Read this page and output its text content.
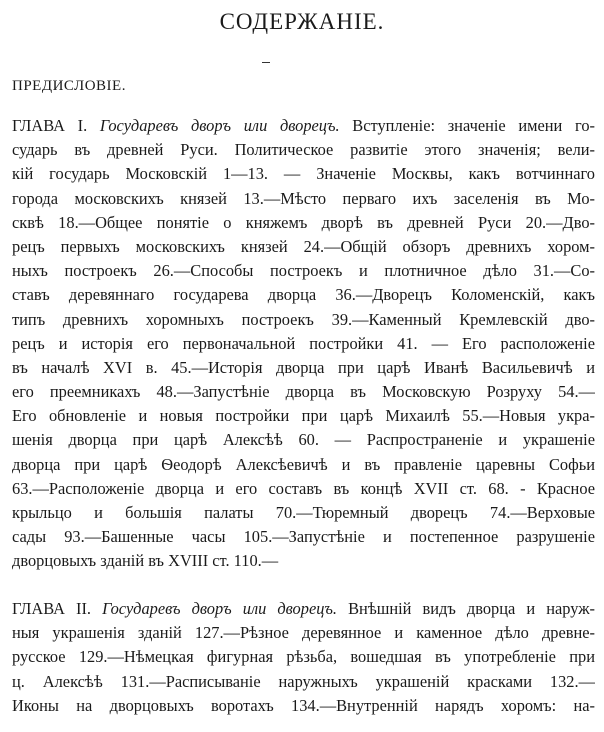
СОДЕРЖАНІЕ.
ПРЕДИСЛОВІЕ.
ГЛАВА I. Государевъ дворъ или дворецъ. Вступленіе: значеніе имени го-
сударь въ древней Руси. Политическое развитіе этого значенія; вели-
кій государь Московскій 1—13. — Значеніе Москвы, какъ вотчиннаго
города московскихъ князей 13.—Мѣсто перваго ихъ заселенія въ Мо-
сквѣ 18.—Общее понятіе о княжемъ дворѣ въ древней Руси 20.—Дво-
рецъ первыхъ московскихъ князей 24.—Общій обзоръ древнихъ хором-
ныхъ построекъ 26.—Способы построекъ и плотничное дѣло 31.—Со-
ставъ деревяннаго государева дворца 36.—Дворецъ Коломенскій, какъ
типъ древнихъ хоромныхъ построекъ 39.—Каменный Кремлевскій дво-
рецъ и исторія его первоначальной постройки 41. — Его расположеніе
въ началѣ XVI в. 45.—Исторія дворца при царѣ Иванѣ Васильевичѣ и
его преемникахъ 48.—Запустѣніе дворца въ Московскую Розруху 54.—
Его обновленіе и новыя постройки при царѣ Михаилѣ 55.—Новыя укра-
шенія дворца при царѣ Алексѣѣ 60. — Распространеніе и украшеніе
дворца при царѣ Ѳеодорѣ Алексѣевичѣ и въ правленіе царевны Софьи
63.—Расположеніе дворца и его составъ въ концѣ XVII ст. 68. - Красное
крыльцо и большія палаты 70.—Тюремный дворецъ 74.—Верховые
сады 93.—Башенные часы 105.—Запустѣніе и постепенное разрушеніе
дворцовыхъ зданій въ XVIII ст. 110.—
ГЛАВА II. Государевъ дворъ или дворецъ. Внѣшній видъ дворца и наруж-
ныя украшенія зданій 127.—Рѣзное деревянное и каменное дѣло древне-
русское 129.—Нѣмецкая фигурная рѣзьба, вошедшая въ употребленіе при
ц. Алексѣѣ 131.—Расписываніе наружныхъ украшеній красками 132.—
Иконы на дворцовыхъ воротахъ 134.—Внутренній нарядъ хоромъ: на-
